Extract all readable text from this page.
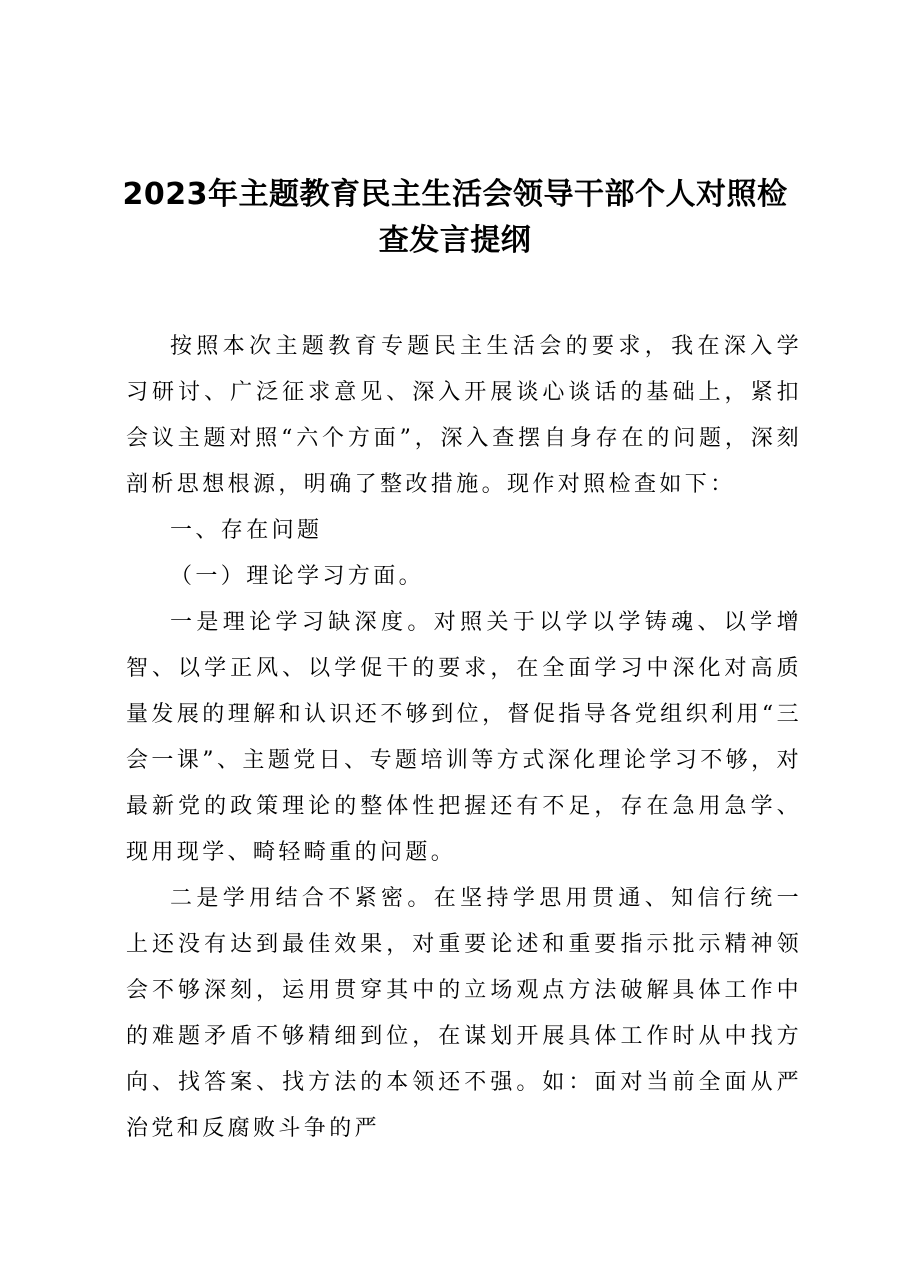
2023年主题教育民主生活会领导干部个人对照检查发言提纲

按照本次主题教育专题民主生活会的要求，我在深入学习研讨、广泛征求意见、深入开展谈心谈话的基础上，紧扣会议主题对照“六个方面”，深入查摆自身存在的问题，深刻剖析思想根源，明确了整改措施。现作对照检查如下：

一、存在问题

（一）理论学习方面。

一是理论学习缺深度。对照关于以学以学铸魂、以学增智、以学正风、以学促干的要求，在全面学习中深化对高质量发展的理解和认识还不够到位，督促指导各党组织利用“三会一课”、主题党日、专题培训等方式深化理论学习不够，对最新党的政策理论的整体性把握还有不足，存在急用急学、现用现学、畸轻畸重的问题。

二是学用结合不紧密。在坚持学思用贯通、知信行统一上还没有达到最佳效果，对重要论述和重要指示批示精神领会不够深刻，运用贯穿其中的立场观点方法破解具体工作中的难题矛盾不够精细到位，在谋划开展具体工作时从中找方向、找答案、找方法的本领还不强。如：面对当前全面从严治党和反腐败斗争的严
